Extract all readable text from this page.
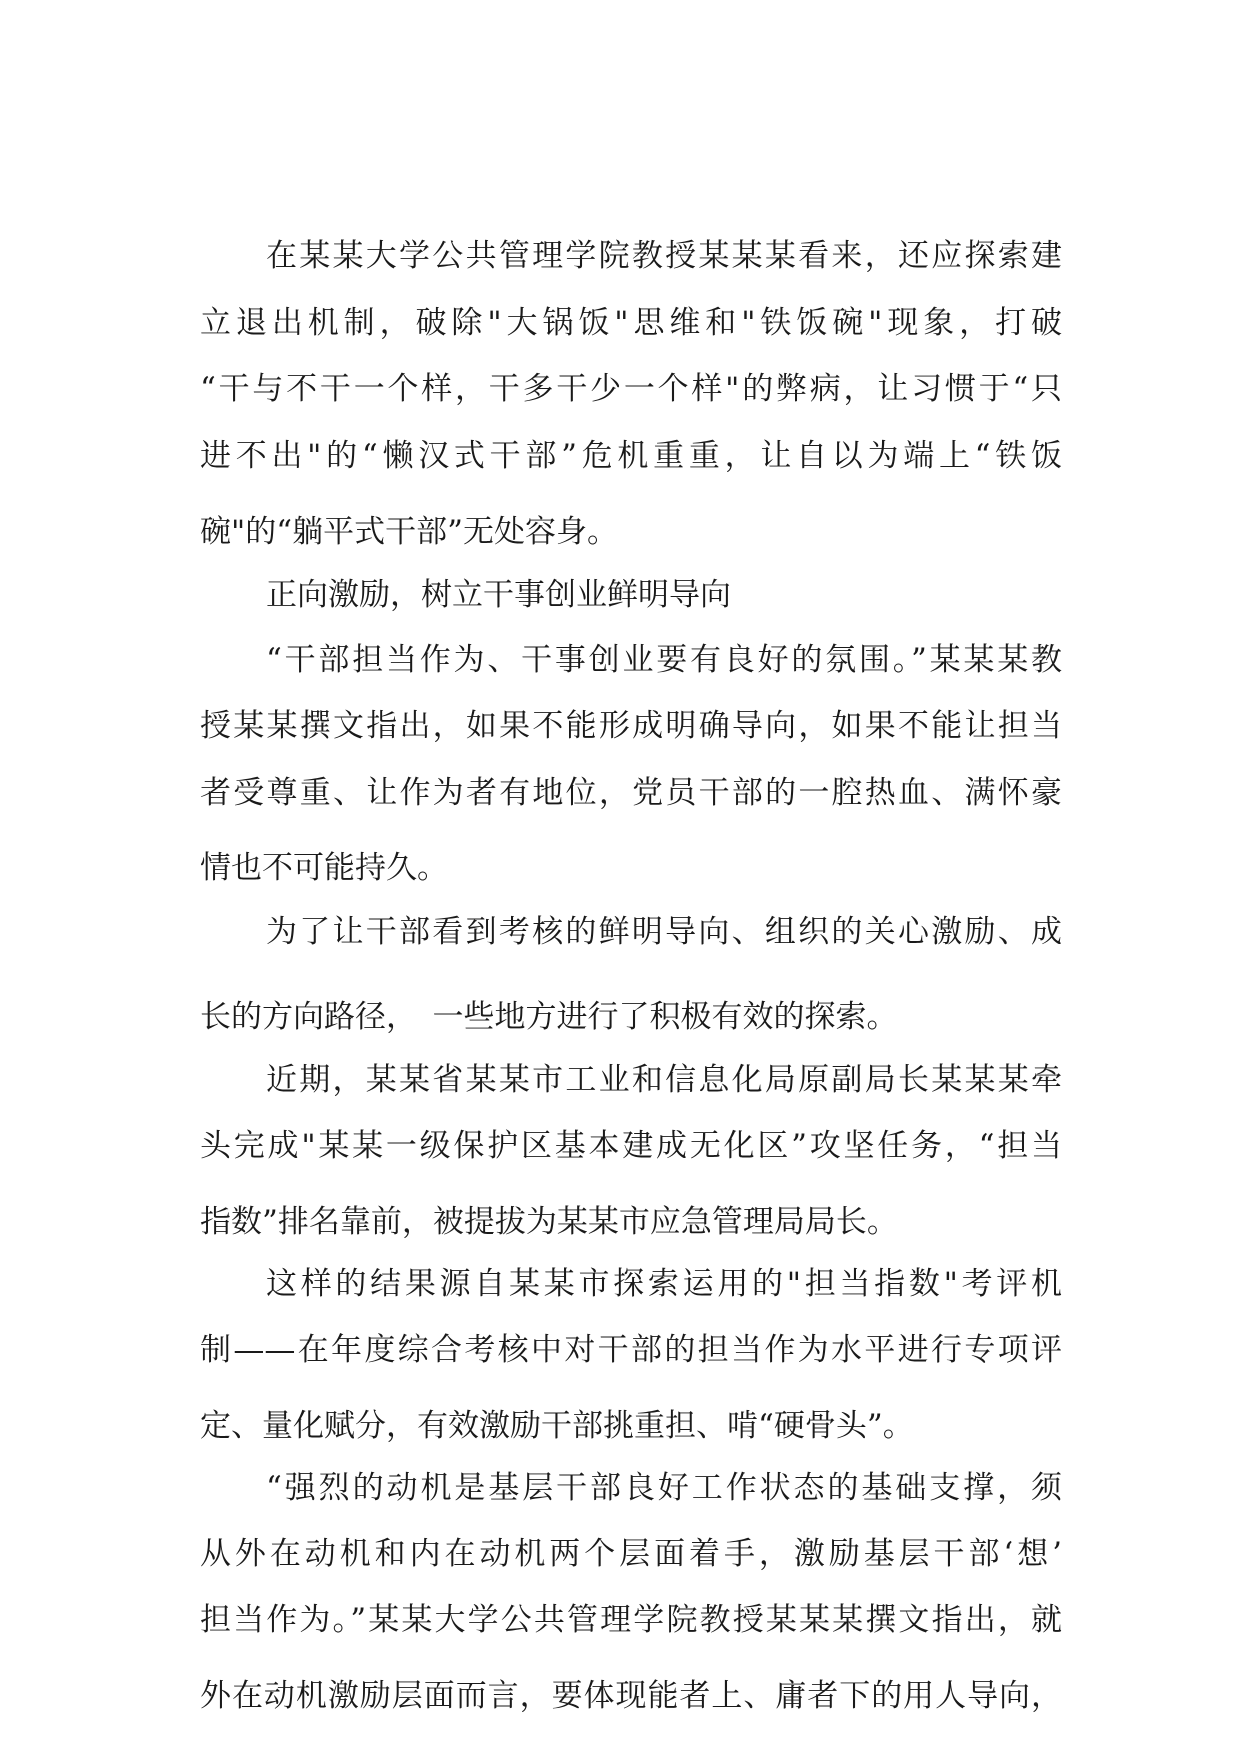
在某某大学公共管理学院教授某某某看来，还应探索建
立退出机制，破除"大锅饭"思维和"铁饭碗"现象，打破
“干与不干一个样，干多干少一个样"的弊病，让习惯于“只
进不出"的“懒汉式干部”危机重重，让自以为端上“铁饭
碗"的“躺平式干部”无处容身。
正向激励，树立干事创业鲜明导向
“干部担当作为、干事创业要有良好的氛围。”某某某教
授某某撰文指出，如果不能形成明确导向，如果不能让担当
者受尊重、让作为者有地位，党员干部的一腔热血、满怀豪
情也不可能持久。
为了让干部看到考核的鲜明导向、组织的关心激励、成
长的方向路径，　一些地方进行了积极有效的探索。
近期，某某省某某市工业和信息化局原副局长某某某牵
头完成"某某一级保护区基本建成无化区”攻坚任务，“担当
指数”排名靠前，被提拔为某某市应急管理局局长。
这样的结果源自某某市探索运用的"担当指数"考评机
制——在年度综合考核中对干部的担当作为水平进行专项评
定、量化赋分，有效激励干部挑重担、啃“硬骨头”。
“强烈的动机是基层干部良好工作状态的基础支撑，须
从外在动机和内在动机两个层面着手，激励基层干部‘想’
担当作为。”某某大学公共管理学院教授某某某撰文指出，就
外在动机激励层面而言，要体现能者上、庸者下的用人导向，
